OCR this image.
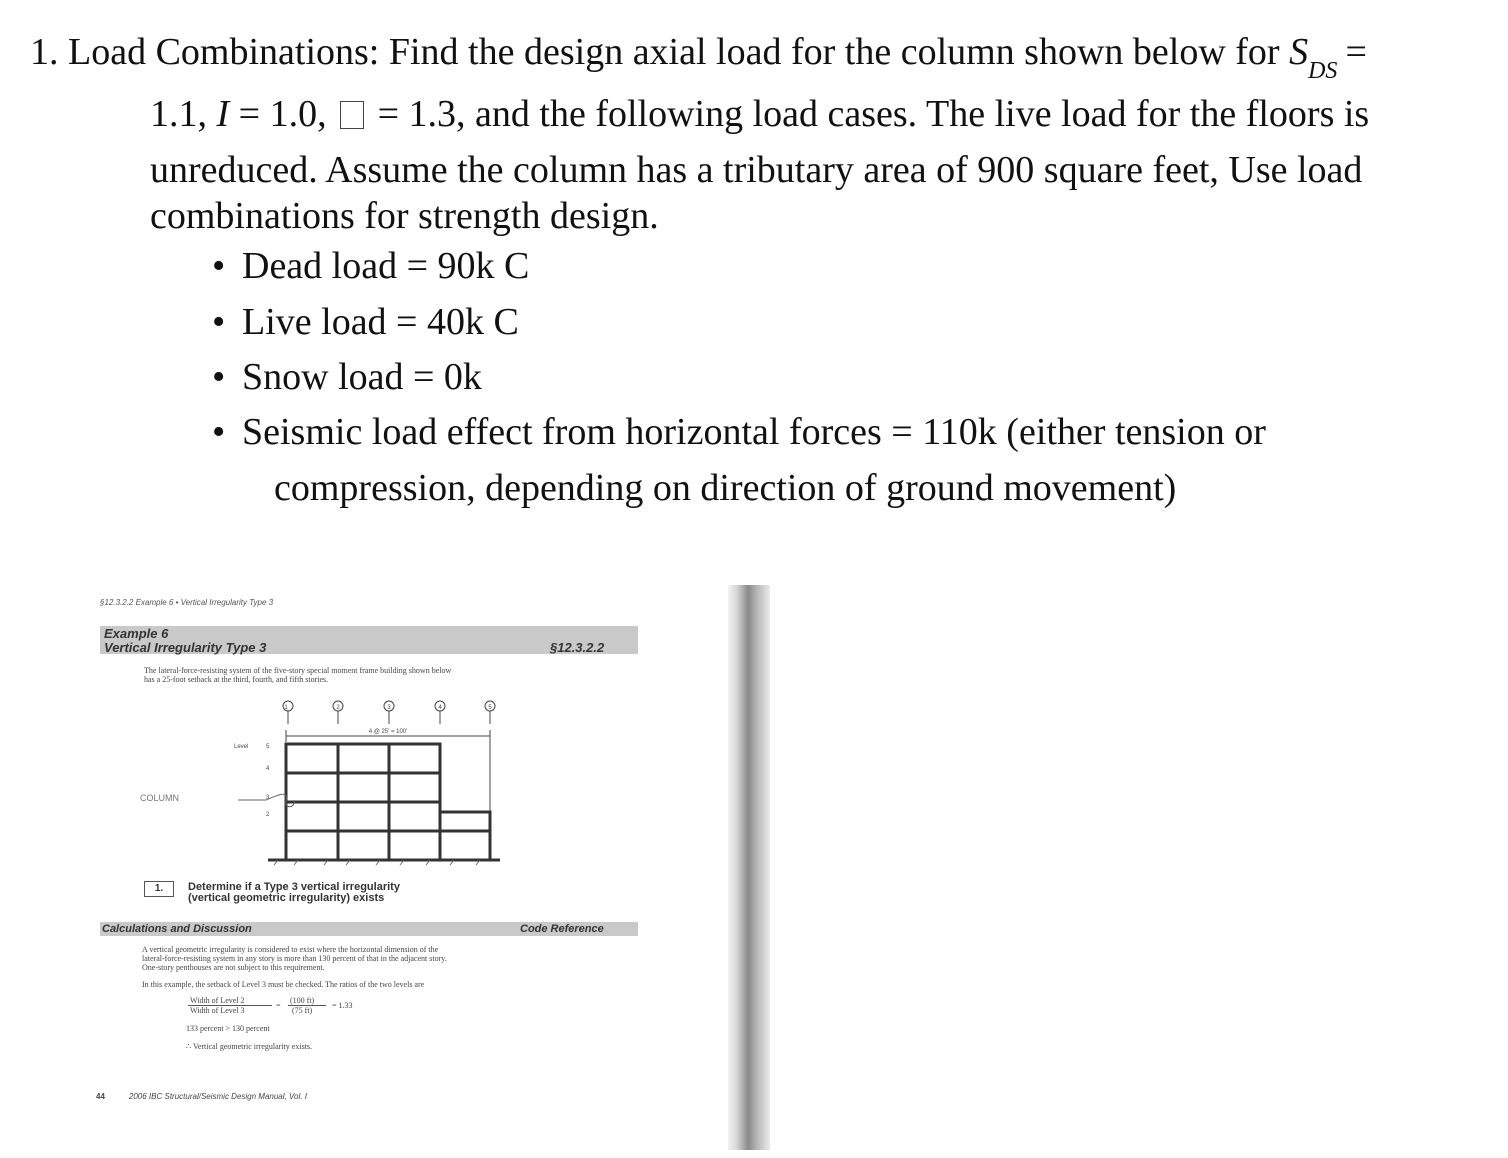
1. Load Combinations: Find the design axial load for the column shown below for $S_{DS}$ =
1.1, I = 1.0,  = 1.3, and the following load cases. The live load for the floors is
unreduced. Assume the column has a tributary area of 900 square feet, Use load
combinations for strength design.
• Dead load = 90k C
• Live load = 40k C
• Snow load = 0k
• Seismic load effect from horizontal forces = 110k (either tension or
compression, depending on direction of ground movement)
§12.3.2.2 Example 6 • Vertical Irregularity Type 3
Example 6
Vertical Irregularity Type 3	§12.3.2.2
The lateral-force-resisting system of the five-story special moment frame building shown below
has a 25-foot setback at the third, fourth, and fifth stories.
1	2	3	4	5
4 @ 25' = 100'
Level	5
4
3
2
COLUMN
1.	Determine if a Type 3 vertical irregularity
(vertical geometric irregularity) exists
Calculations and Discussion	Code Reference
A vertical geometric irregularity is considered to exist where the horizontal dimension of the
lateral-force-resisting system in any story is more than 130 percent of that in the adjacent story.
One-story penthouses are not subject to this requirement.
In this example, the setback of Level 3 must be checked. The ratios of the two levels are
Width of Level 2
Width of Level 3
=
(100 ft)
(75 ft)
= 1.33
133 percent > 130 percent
∴ Vertical geometric irregularity exists.
44	2006 IBC Structural/Seismic Design Manual, Vol. I
